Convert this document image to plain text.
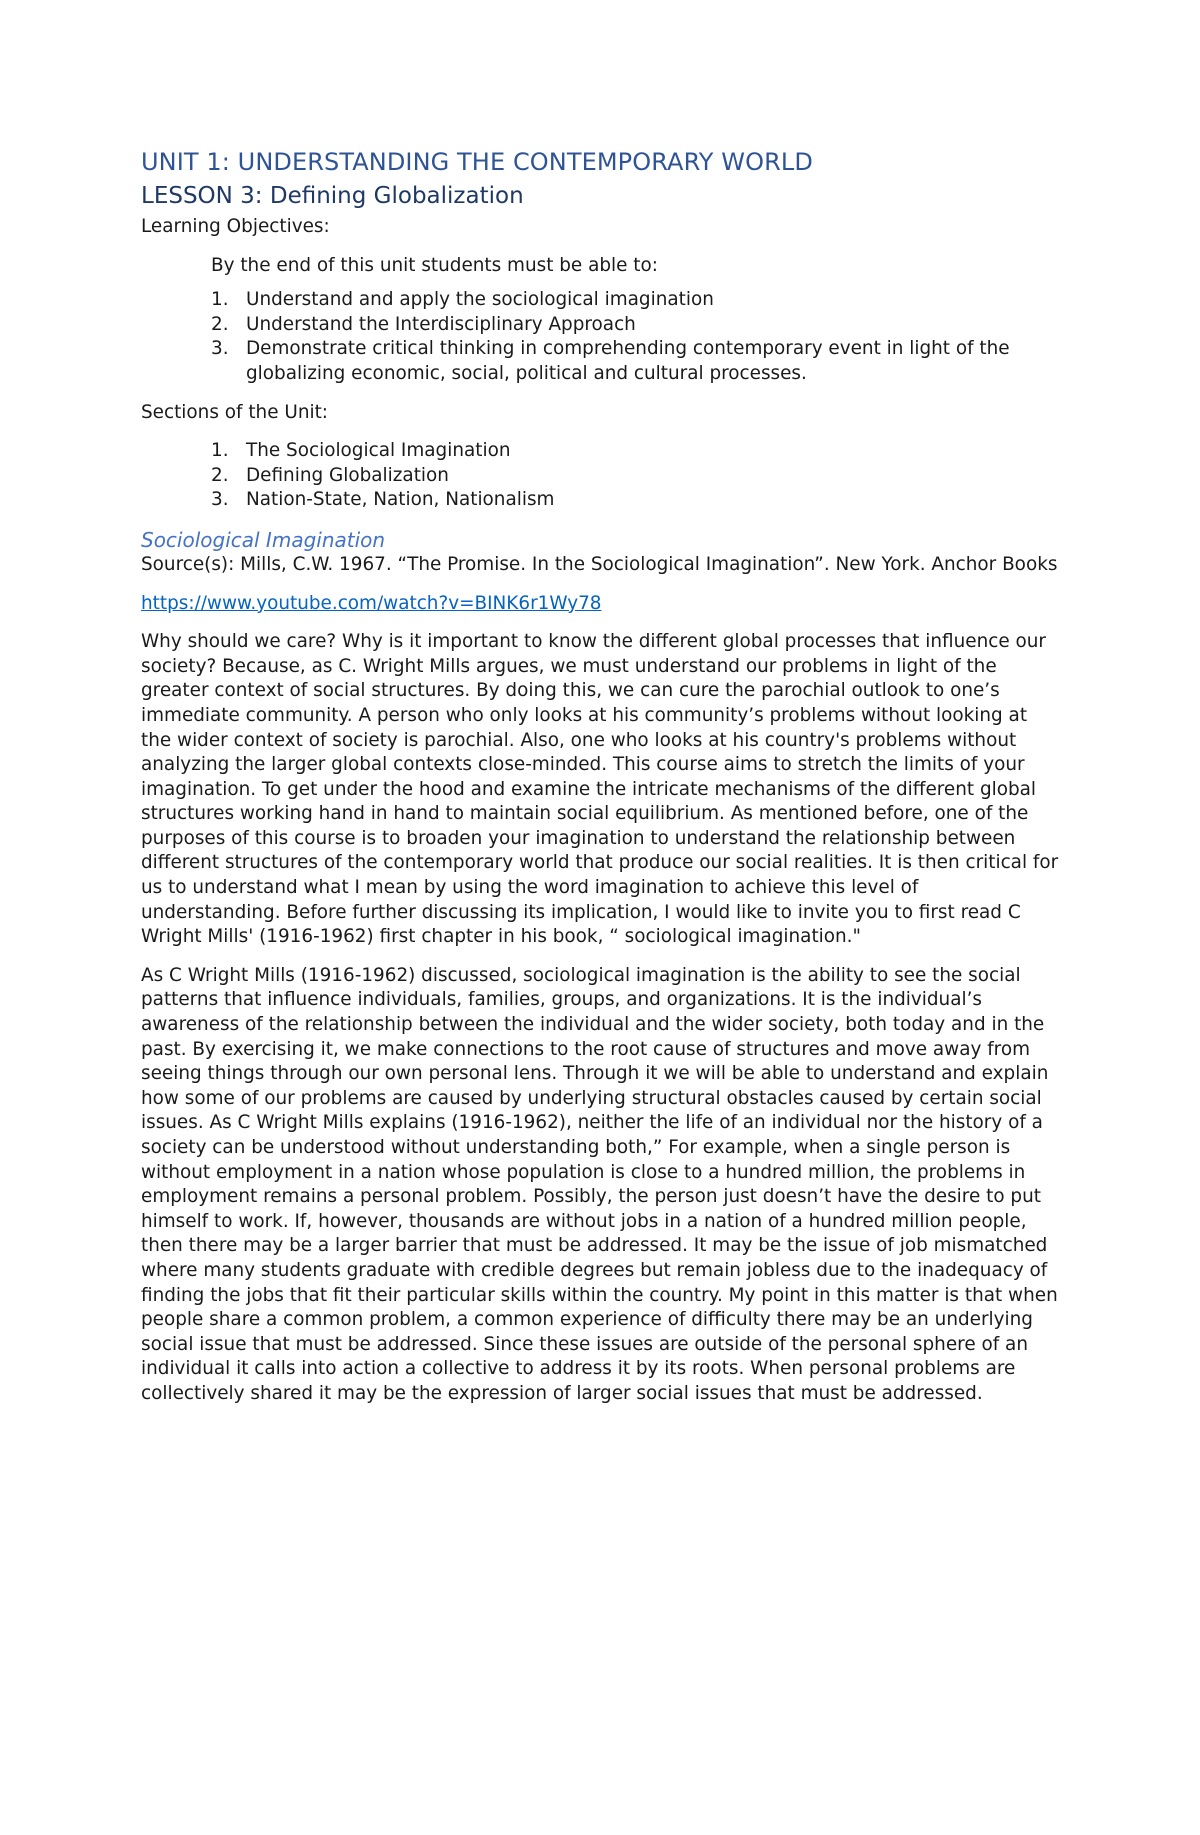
UNIT 1: UNDERSTANDING THE CONTEMPORARY WORLD
LESSON 3: Defining Globalization

Learning Objectives:

By the end of this unit students must be able to:

1. Understand and apply the sociological imagination
2. Understand the Interdisciplinary Approach
3. Demonstrate critical thinking in comprehending contemporary event in light of the globalizing economic, social, political and cultural processes.

Sections of the Unit:

1. The Sociological Imagination
2. Defining Globalization
3. Nation-State, Nation, Nationalism

Sociological Imagination

Source(s): Mills, C.W. 1967. “The Promise. In the Sociological Imagination”. New York. Anchor Books

https://www.youtube.com/watch?v=BINK6r1Wy78

Why should we care? Why is it important to know the different global processes that influence our society? Because, as C. Wright Mills argues, we must understand our problems in light of the greater context of social structures. By doing this, we can cure the parochial outlook to one’s immediate community. A person who only looks at his community’s problems without looking at the wider context of society is parochial. Also, one who looks at his country's problems without analyzing the larger global contexts close-minded. This course aims to stretch the limits of your imagination. To get under the hood and examine the intricate mechanisms of the different global structures working hand in hand to maintain social equilibrium. As mentioned before, one of the purposes of this course is to broaden your imagination to understand the relationship between different structures of the contemporary world that produce our social realities. It is then critical for us to understand what I mean by using the word imagination to achieve this level of understanding. Before further discussing its implication, I would like to invite you to first read C Wright Mills' (1916-1962) first chapter in his book, “ sociological imagination."

As C Wright Mills (1916-1962) discussed, sociological imagination is the ability to see the social patterns that influence individuals, families, groups, and organizations. It is the individual’s awareness of the relationship between the individual and the wider society, both today and in the past. By exercising it, we make connections to the root cause of structures and move away from seeing things through our own personal lens. Through it we will be able to understand and explain how some of our problems are caused by underlying structural obstacles caused by certain social issues. As C Wright Mills explains (1916-1962), neither the life of an individual nor the history of a society can be understood without understanding both,” For example, when a single person is without employment in a nation whose population is close to a hundred million, the problems in employment remains a personal problem. Possibly, the person just doesn’t have the desire to put himself to work. If, however, thousands are without jobs in a nation of a hundred million people, then there may be a larger barrier that must be addressed. It may be the issue of job mismatched where many students graduate with credible degrees but remain jobless due to the inadequacy of finding the jobs that fit their particular skills within the country. My point in this matter is that when people share a common problem, a common experience of difficulty there may be an underlying social issue that must be addressed. Since these issues are outside of the personal sphere of an individual it calls into action a collective to address it by its roots. When personal problems are collectively shared it may be the expression of larger social issues that must be addressed.
